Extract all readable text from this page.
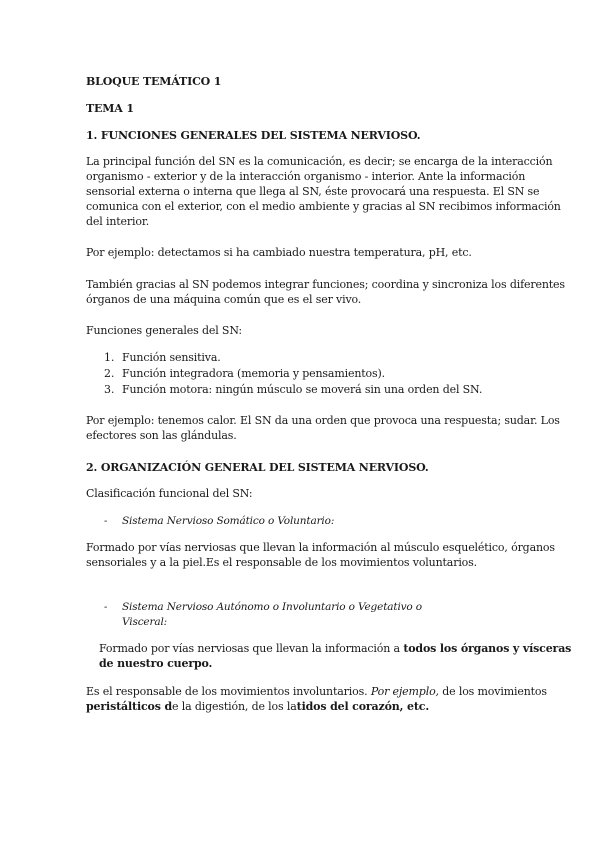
BLOQUE TEMÁTICO 1

TEMA 1

1. FUNCIONES GENERALES DEL SISTEMA NERVIOSO.

La principal función del SN es la comunicación, es decir; se encarga de la interacción

organismo - exterior y de la interacción organismo - interior. Ante la información

sensorial externa o interna que llega al SN, éste provocará una respuesta. El SN se

comunica con el exterior, con el medio ambiente y gracias al SN recibimos información

del interior.

Por ejemplo: detectamos si ha cambiado nuestra temperatura, pH, etc.

También gracias al SN podemos integrar funciones; coordina y sincroniza los diferentes

órganos de una máquina común que es el ser vivo.

Funciones generales del SN:

1. Función sensitiva.
2. Función integradora (memoria y pensamientos).
3. Función motora: ningún músculo se moverá sin una orden del SN.

Por ejemplo: tenemos calor. El SN da una orden que provoca una respuesta; sudar. Los

efectores son las glándulas.

2. ORGANIZACIÓN GENERAL DEL SISTEMA NERVIOSO.

Clasificación funcional del SN:

- Sistema Nervioso Somático o Voluntario:

Formado por vías nerviosas que llevan la información al músculo esquelético, órganos

sensoriales y a la piel.Es el responsable de los movimientos voluntarios.

- Sistema Nervioso Autónomo o Involuntario o Vegetativo o
Visceral:

Formado por vías nerviosas que llevan la información a todos los órganos y vísceras

de nuestro cuerpo.

Es el responsable de los movimientos involuntarios. Por ejemplo, de los movimientos

peristálticos de la digestión, de los latidos del corazón, etc.
